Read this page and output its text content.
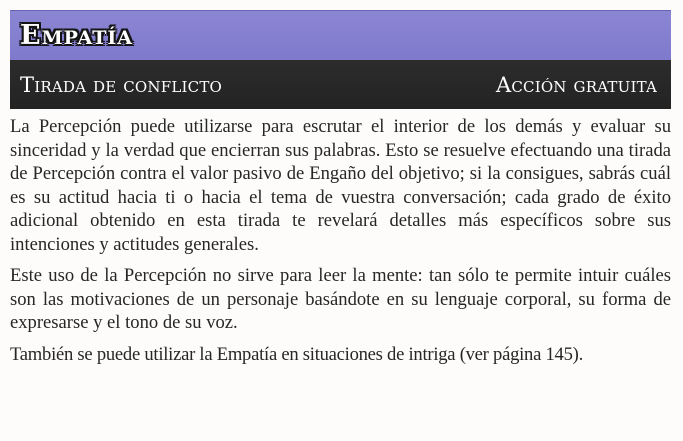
Empatía
Tirada de conflicto	Acción gratuita

La Percepción puede utilizarse para escrutar el interior de los demás y evaluar su sinceridad y la verdad que encierran sus palabras. Esto se resuelve efectuando una tirada de Percepción contra el valor pasivo de Engaño del objetivo; si la consigues, sabrás cuál es su actitud hacia ti o hacia el tema de vuestra conversación; cada grado de éxito adicional obtenido en esta tirada te revelará detalles más específicos sobre sus intenciones y actitudes generales.

Este uso de la Percepción no sirve para leer la mente: tan sólo te permite intuir cuáles son las motivaciones de un personaje basándote en su lenguaje corporal, su forma de expresarse y el tono de su voz.

También se puede utilizar la Empatía en situaciones de intriga (ver página 145).
